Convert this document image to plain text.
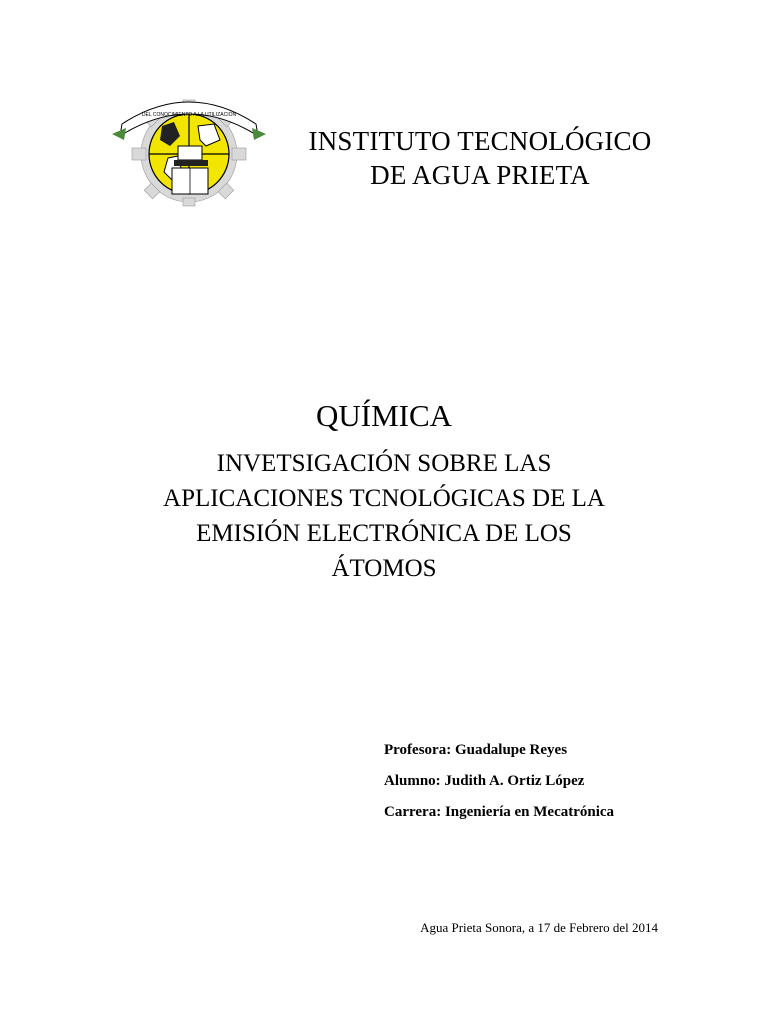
DEL CONOCIMIENTO A LA UTILIZACIÓN
INSTITUTO TECNOLÓGICO
DE AGUA PRIETA
QUÍMICA
INVETSIGACIÓN SOBRE LAS
APLICACIONES TCNOLÓGICAS DE LA
EMISIÓN ELECTRÓNICA DE LOS
ÁTOMOS
Profesora: Guadalupe Reyes
Alumno: Judith A. Ortiz López
Carrera: Ingeniería en Mecatrónica
Agua Prieta Sonora, a 17 de Febrero del 2014
